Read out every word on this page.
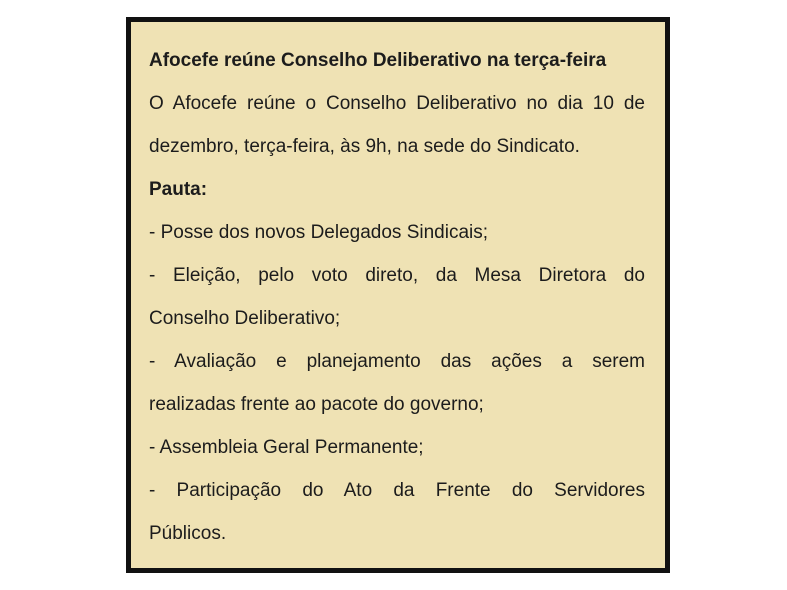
Afocefe reúne Conselho Deliberativo na terça-feira
O Afocefe reúne o Conselho Deliberativo no dia 10 de
dezembro, terça-feira, às 9h, na sede do Sindicato.
Pauta:
- Posse dos novos Delegados Sindicais;
- Eleição, pelo voto direto, da Mesa Diretora do
Conselho Deliberativo;
- Avaliação e planejamento das ações a serem
realizadas frente ao pacote do governo;
- Assembleia Geral Permanente;
- Participação do Ato da Frente do Servidores
Públicos.
